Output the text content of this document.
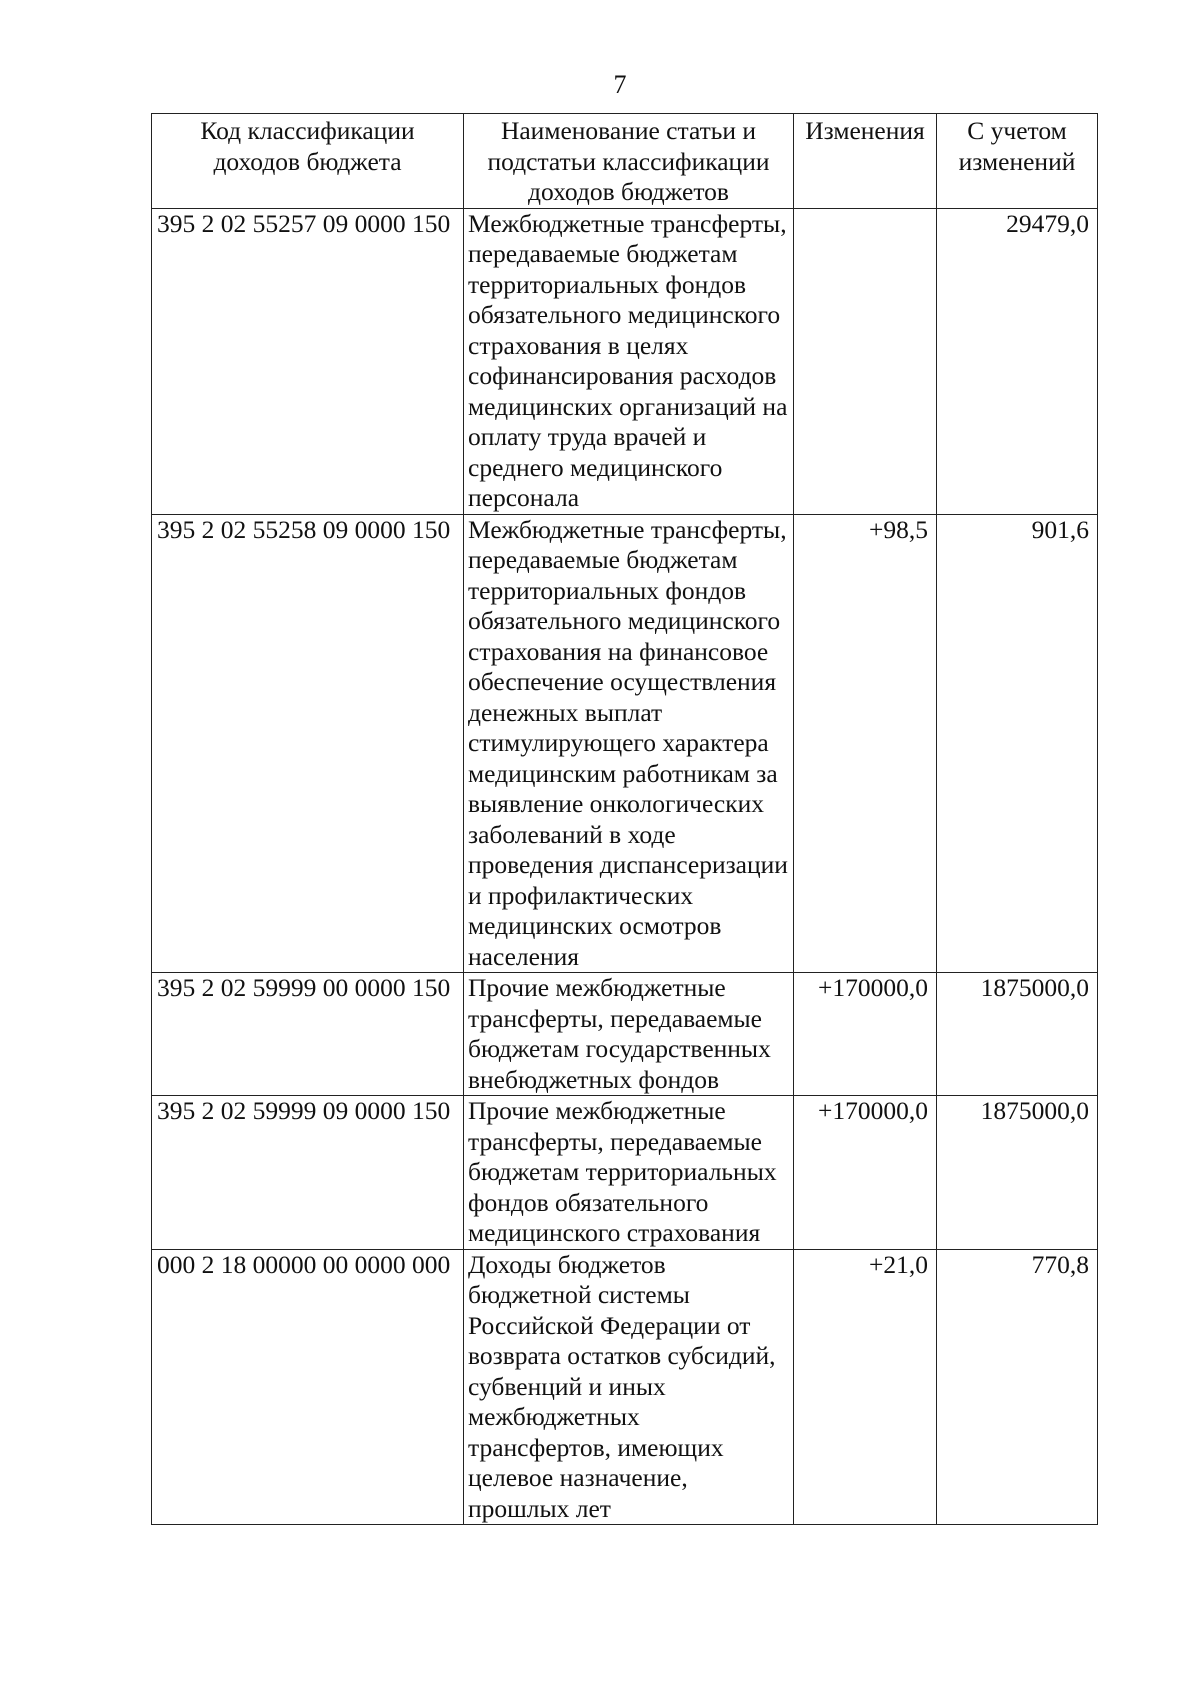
7
Код классификации доходов бюджета	Наименование статьи и подстатьи классификации доходов бюджетов	Изменения	С учетом изменений
395 2 02 55257 09 0000 150	Межбюджетные трансферты, передаваемые бюджетам территориальных фондов обязательного медицинского страхования в целях софинансирования расходов медицинских организаций на оплату труда врачей и среднего медицинского персонала		29479,0
395 2 02 55258 09 0000 150	Межбюджетные трансферты, передаваемые бюджетам территориальных фондов обязательного медицинского страхования на финансовое обеспечение осуществления денежных выплат стимулирующего характера медицинским работникам за выявление онкологических заболеваний в ходе проведения диспансеризации и профилактических медицинских осмотров населения	+98,5	901,6
395 2 02 59999 00 0000 150	Прочие межбюджетные трансферты, передаваемые бюджетам государственных внебюджетных фондов	+170000,0	1875000,0
395 2 02 59999 09 0000 150	Прочие межбюджетные трансферты, передаваемые бюджетам территориальных фондов обязательного медицинского страхования	+170000,0	1875000,0
000 2 18 00000 00 0000 000	Доходы бюджетов бюджетной системы Российской Федерации от возврата остатков субсидий, субвенций и иных межбюджетных трансфертов, имеющих целевое назначение, прошлых лет	+21,0	770,8
